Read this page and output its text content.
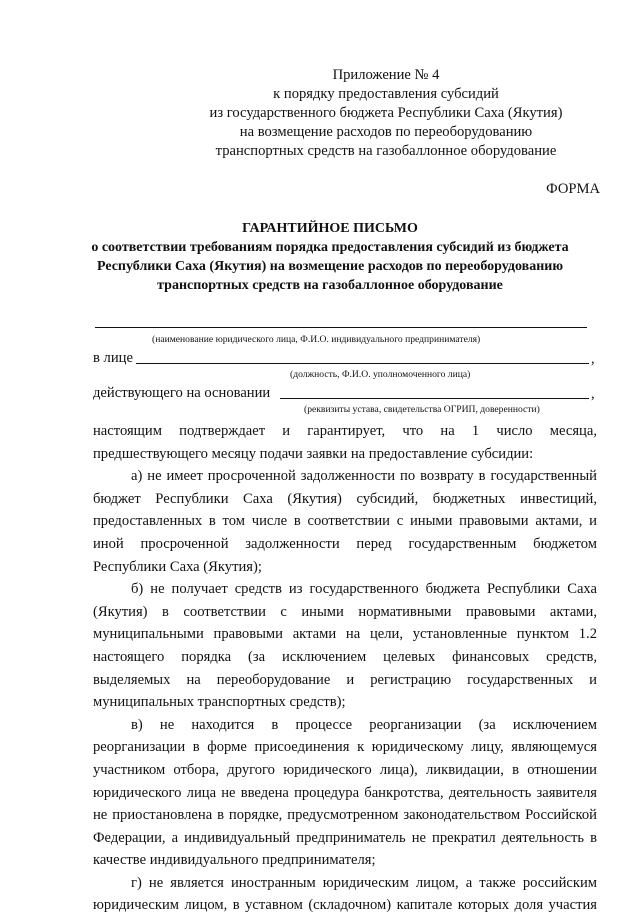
Приложение № 4
к порядку предоставления субсидий
из государственного бюджета Республики Саха (Якутия)
на возмещение расходов по переоборудованию
транспортных средств на газобаллонное оборудование
ФОРМА
ГАРАНТИЙНОЕ ПИСЬМО
о соответствии требованиям порядка предоставления субсидий из бюджета
Республики Саха (Якутия) на возмещение расходов по переоборудованию
транспортных средств на газобаллонное оборудование
(наименование юридического лица, Ф.И.О. индивидуального предпринимателя)
в лице	,
(должность, Ф.И.О. уполномоченного лица)
действующего на основании	,
(реквизиты устава, свидетельства ОГРИП, доверенности)

настоящим подтверждает и гарантирует, что на 1 число месяца, предшествующего месяцу подачи заявки на предоставление субсидии:

а) не имеет просроченной задолженности по возврату в государственный бюджет Республики Саха (Якутия) субсидий, бюджетных инвестиций, предоставленных в том числе в соответствии с иными правовыми актами, и иной просроченной задолженности перед государственным бюджетом Республики Саха (Якутия);

б) не получает средств из государственного бюджета Республики Саха (Якутия) в соответствии с иными нормативными правовыми актами, муниципальными правовыми актами на цели, установленные пунктом 1.2 настоящего порядка (за исключением целевых финансовых средств, выделяемых на переоборудование и регистрацию государственных и муниципальных транспортных средств);

в) не находится в процессе реорганизации (за исключением реорганизации в форме присоединения к юридическому лицу, являющемуся участником отбора, другого юридического лица), ликвидации, в отношении юридического лица не введена процедура банкротства, деятельность заявителя не приостановлена в порядке, предусмотренном законодательством Российской Федерации, а индивидуальный предприниматель не прекратил деятельность в качестве индивидуального предпринимателя;

г) не является иностранным юридическим лицом, а также российским юридическим лицом, в уставном (складочном) капитале которых доля участия
